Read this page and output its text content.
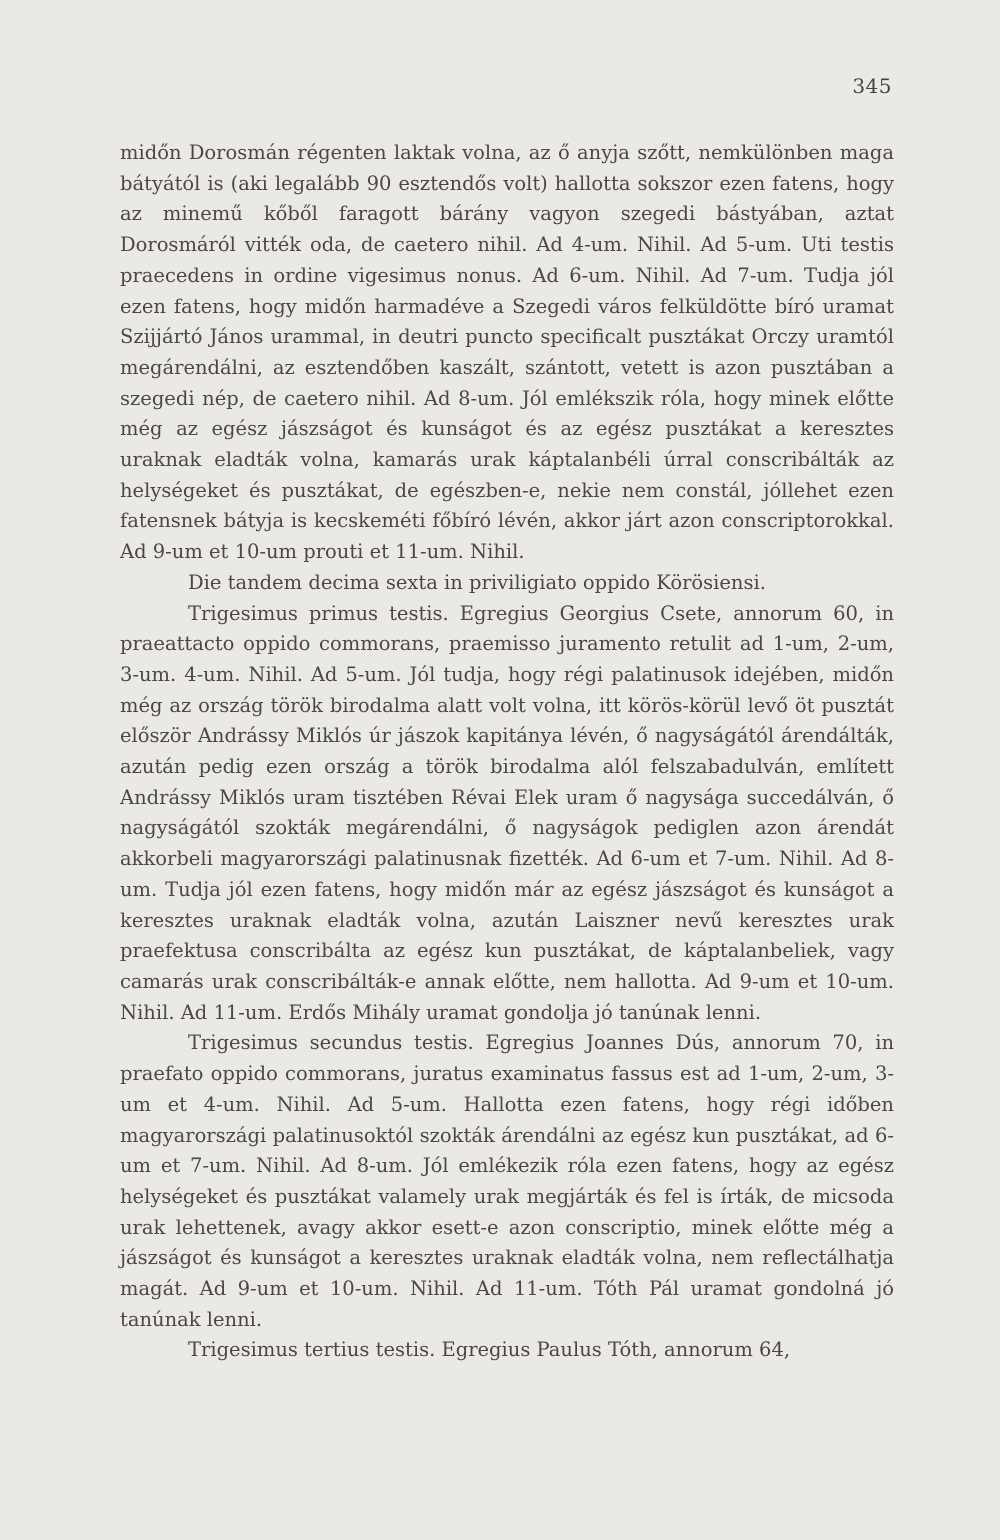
345

midőn Dorosmán régenten laktak volna, az ő anyja szőtt, nemkülönben maga bátyától is (aki legalább 90 esztendős volt) hallotta sokszor ezen fatens, hogy az minemű kőből faragott bárány vagyon szegedi bástyában, aztat Dorosmáról vitték oda, de caetero nihil. Ad 4-um. Nihil. Ad 5-um. Uti testis praecedens in ordine vigesimus nonus. Ad 6-um. Nihil. Ad 7-um. Tudja jól ezen fatens, hogy midőn harmadéve a Szegedi város felküldötte bíró uramat Szijjártó János urammal, in deutri puncto specificalt pusztákat Orczy uramtól megárendálni, az esztendőben kaszált, szántott, vetett is azon pusztában a szegedi nép, de caetero nihil. Ad 8-um. Jól emlékszik róla, hogy minek előtte még az egész jászságot és kunságot és az egész pusztákat a keresztes uraknak eladták volna, kamarás urak káptalanbéli úrral conscribálták az helységeket és pusztákat, de egészben-e, nekie nem constál, jóllehet ezen fatensnek bátyja is kecskeméti főbíró lévén, akkor járt azon conscriptorokkal. Ad 9-um et 10-um prouti et 11-um. Nihil.

Die tandem decima sexta in priviligiato oppido Körösiensi.

Trigesimus primus testis. Egregius Georgius Csete, annorum 60, in praeattacto oppido commorans, praemisso juramento retulit ad 1-um, 2-um, 3-um. 4-um. Nihil. Ad 5-um. Jól tudja, hogy régi palatinusok idejében, midőn még az ország török birodalma alatt volt volna, itt körös-körül levő öt pusztát először Andrássy Miklós úr jászok kapitánya lévén, ő nagyságától árendálták, azután pedig ezen ország a török birodalma alól felszabadulván, említett Andrássy Miklós uram tisztében Révai Elek uram ő nagysága succedálván, ő nagyságától szokták megárendálni, ő nagyságok pediglen azon árendát akkorbeli magyarországi palatinusnak fizették. Ad 6-um et 7-um. Nihil. Ad 8-um. Tudja jól ezen fatens, hogy midőn már az egész jászságot és kunságot a keresztes uraknak eladták volna, azután Laiszner nevű keresztes urak praefektusa conscribálta az egész kun pusztákat, de káptalanbeliek, vagy camarás urak conscribálták-e annak előtte, nem hallotta. Ad 9-um et 10-um. Nihil. Ad 11-um. Erdős Mihály uramat gondolja jó tanúnak lenni.

Trigesimus secundus testis. Egregius Joannes Dús, annorum 70, in praefato oppido commorans, juratus examinatus fassus est ad 1-um, 2-um, 3-um et 4-um. Nihil. Ad 5-um. Hallotta ezen fatens, hogy régi időben magyarországi palatinusoktól szokták árendálni az egész kun pusztákat, ad 6-um et 7-um. Nihil. Ad 8-um. Jól emlékezik róla ezen fatens, hogy az egész helységeket és pusztákat valamely urak megjárták és fel is írták, de micsoda urak lehettenek, avagy akkor esett-e azon conscriptio, minek előtte még a jászságot és kunságot a keresztes uraknak eladták volna, nem reflectálhatja magát. Ad 9-um et 10-um. Nihil. Ad 11-um. Tóth Pál uramat gondolná jó tanúnak lenni.

Trigesimus tertius testis. Egregius Paulus Tóth, annorum 64,
